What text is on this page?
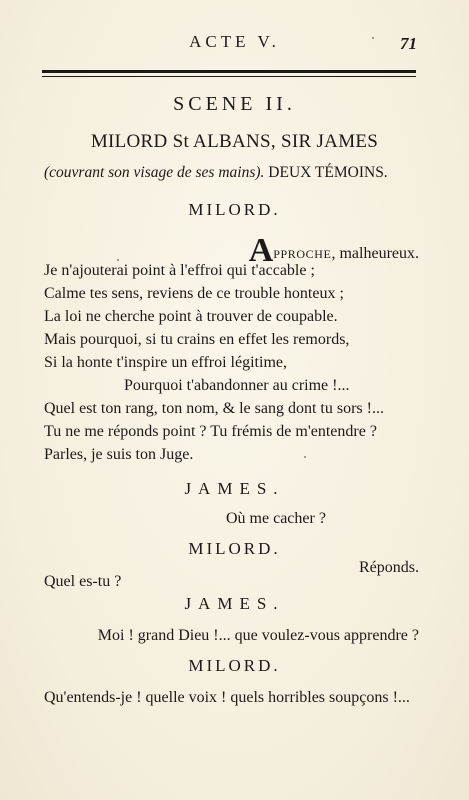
ACTE V.	71
SCENE II.
MILORD St ALBANS, SIR JAMES
(couvrant son visage de ses mains). DEUX TÉMOINS.
MILORD.
APPROCHE, malheureux.
Je n'ajouterai point à l'effroi qui t'accable ;
Calme tes sens, reviens de ce trouble honteux ;
La loi ne cherche point à trouver de coupable.
Mais pourquoi, si tu crains en effet les remords,
Si la honte t'inspire un effroi légitime,
Pourquoi t'abandonner au crime !...
Quel est ton rang, ton nom, & le sang dont tu sors !...
Tu ne me réponds point ? Tu frémis de m'entendre ?
Parles, je suis ton Juge.
JAMES.
Où me cacher ?
MILORD.
Réponds.
Quel es-tu ?
JAMES.
Moi ! grand Dieu !... que voulez-vous apprendre ?
MILORD.
Qu'entends-je ! quelle voix ! quels horribles soupçons !...
